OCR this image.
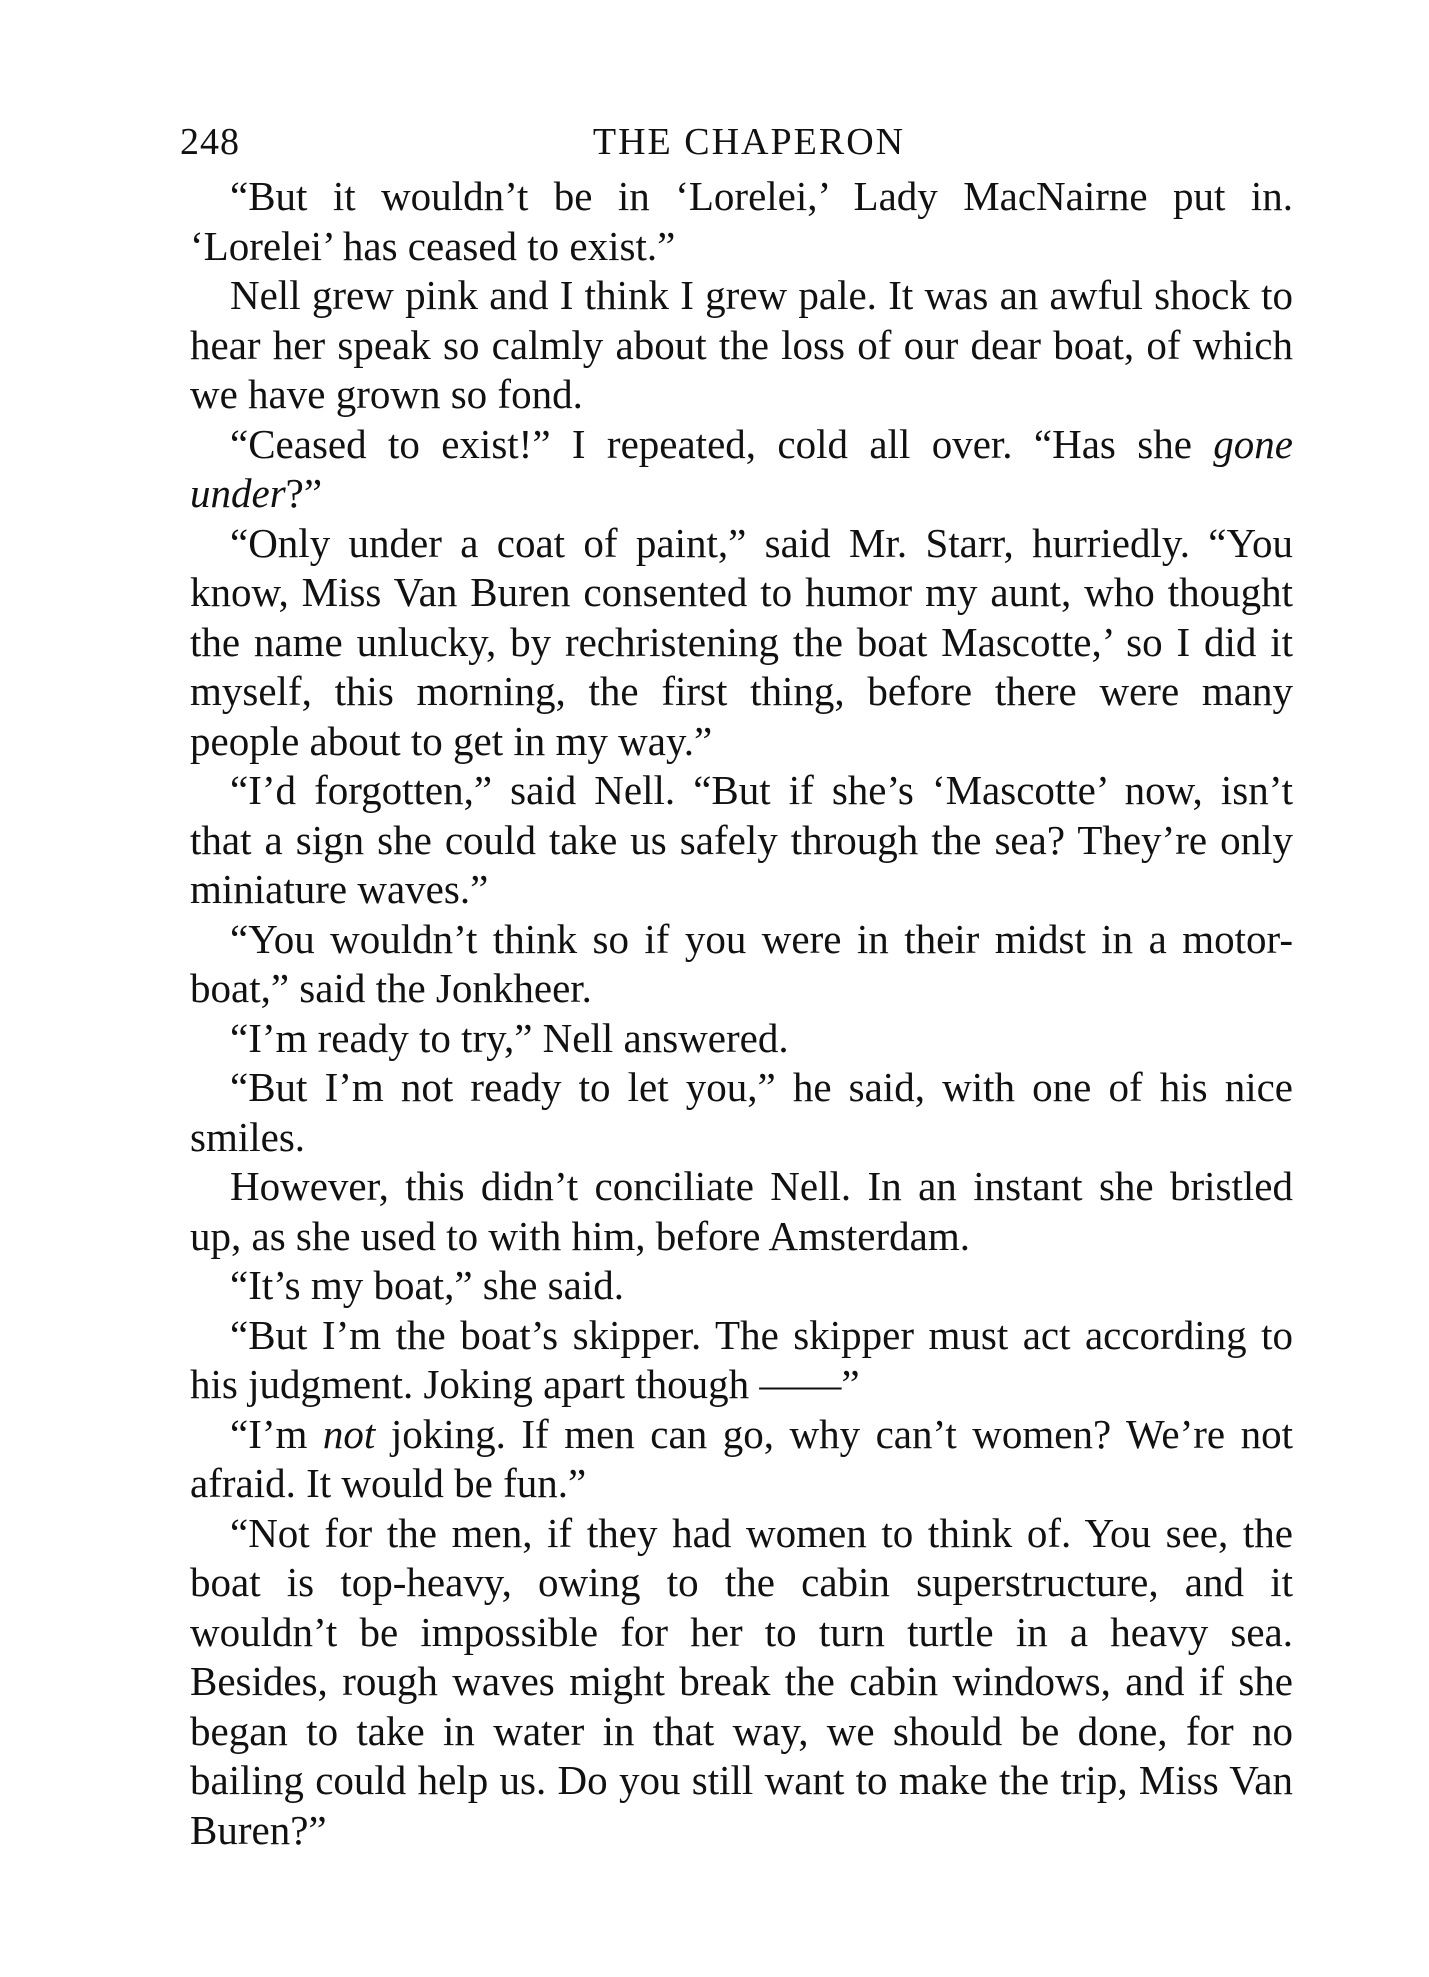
248	THE CHAPERON

“But it wouldn’t be in ‘Lorelei,’ Lady MacNairne put in. ‘Lorelei’ has ceased to exist.”

Nell grew pink and I think I grew pale. It was an awful shock to hear her speak so calmly about the loss of our dear boat, of which we have grown so fond.

“Ceased to exist!” I repeated, cold all over. “Has she gone under?”

“Only under a coat of paint,” said Mr. Starr, hurriedly. “You know, Miss Van Buren consented to humor my aunt, who thought the name unlucky, by rechristening the boat Mascotte,’ so I did it myself, this morning, the first thing, before there were many people about to get in my way.”

“I’d forgotten,” said Nell. “But if she’s ‘Mascotte’ now, isn’t that a sign she could take us safely through the sea? They’re only miniature waves.”

“You wouldn’t think so if you were in their midst in a motor-boat,” said the Jonkheer.

“I’m ready to try,” Nell answered.

“But I’m not ready to let you,” he said, with one of his nice smiles.

However, this didn’t conciliate Nell. In an instant she bristled up, as she used to with him, before Amsterdam.

“It’s my boat,” she said.

“But I’m the boat’s skipper. The skipper must act according to his judgment. Joking apart though ——”

“I’m not joking. If men can go, why can’t women? We’re not afraid. It would be fun.”

“Not for the men, if they had women to think of. You see, the boat is top-heavy, owing to the cabin superstructure, and it wouldn’t be impossible for her to turn turtle in a heavy sea. Besides, rough waves might break the cabin windows, and if she began to take in water in that way, we should be done, for no bailing could help us. Do you still want to make the trip, Miss Van Buren?”
